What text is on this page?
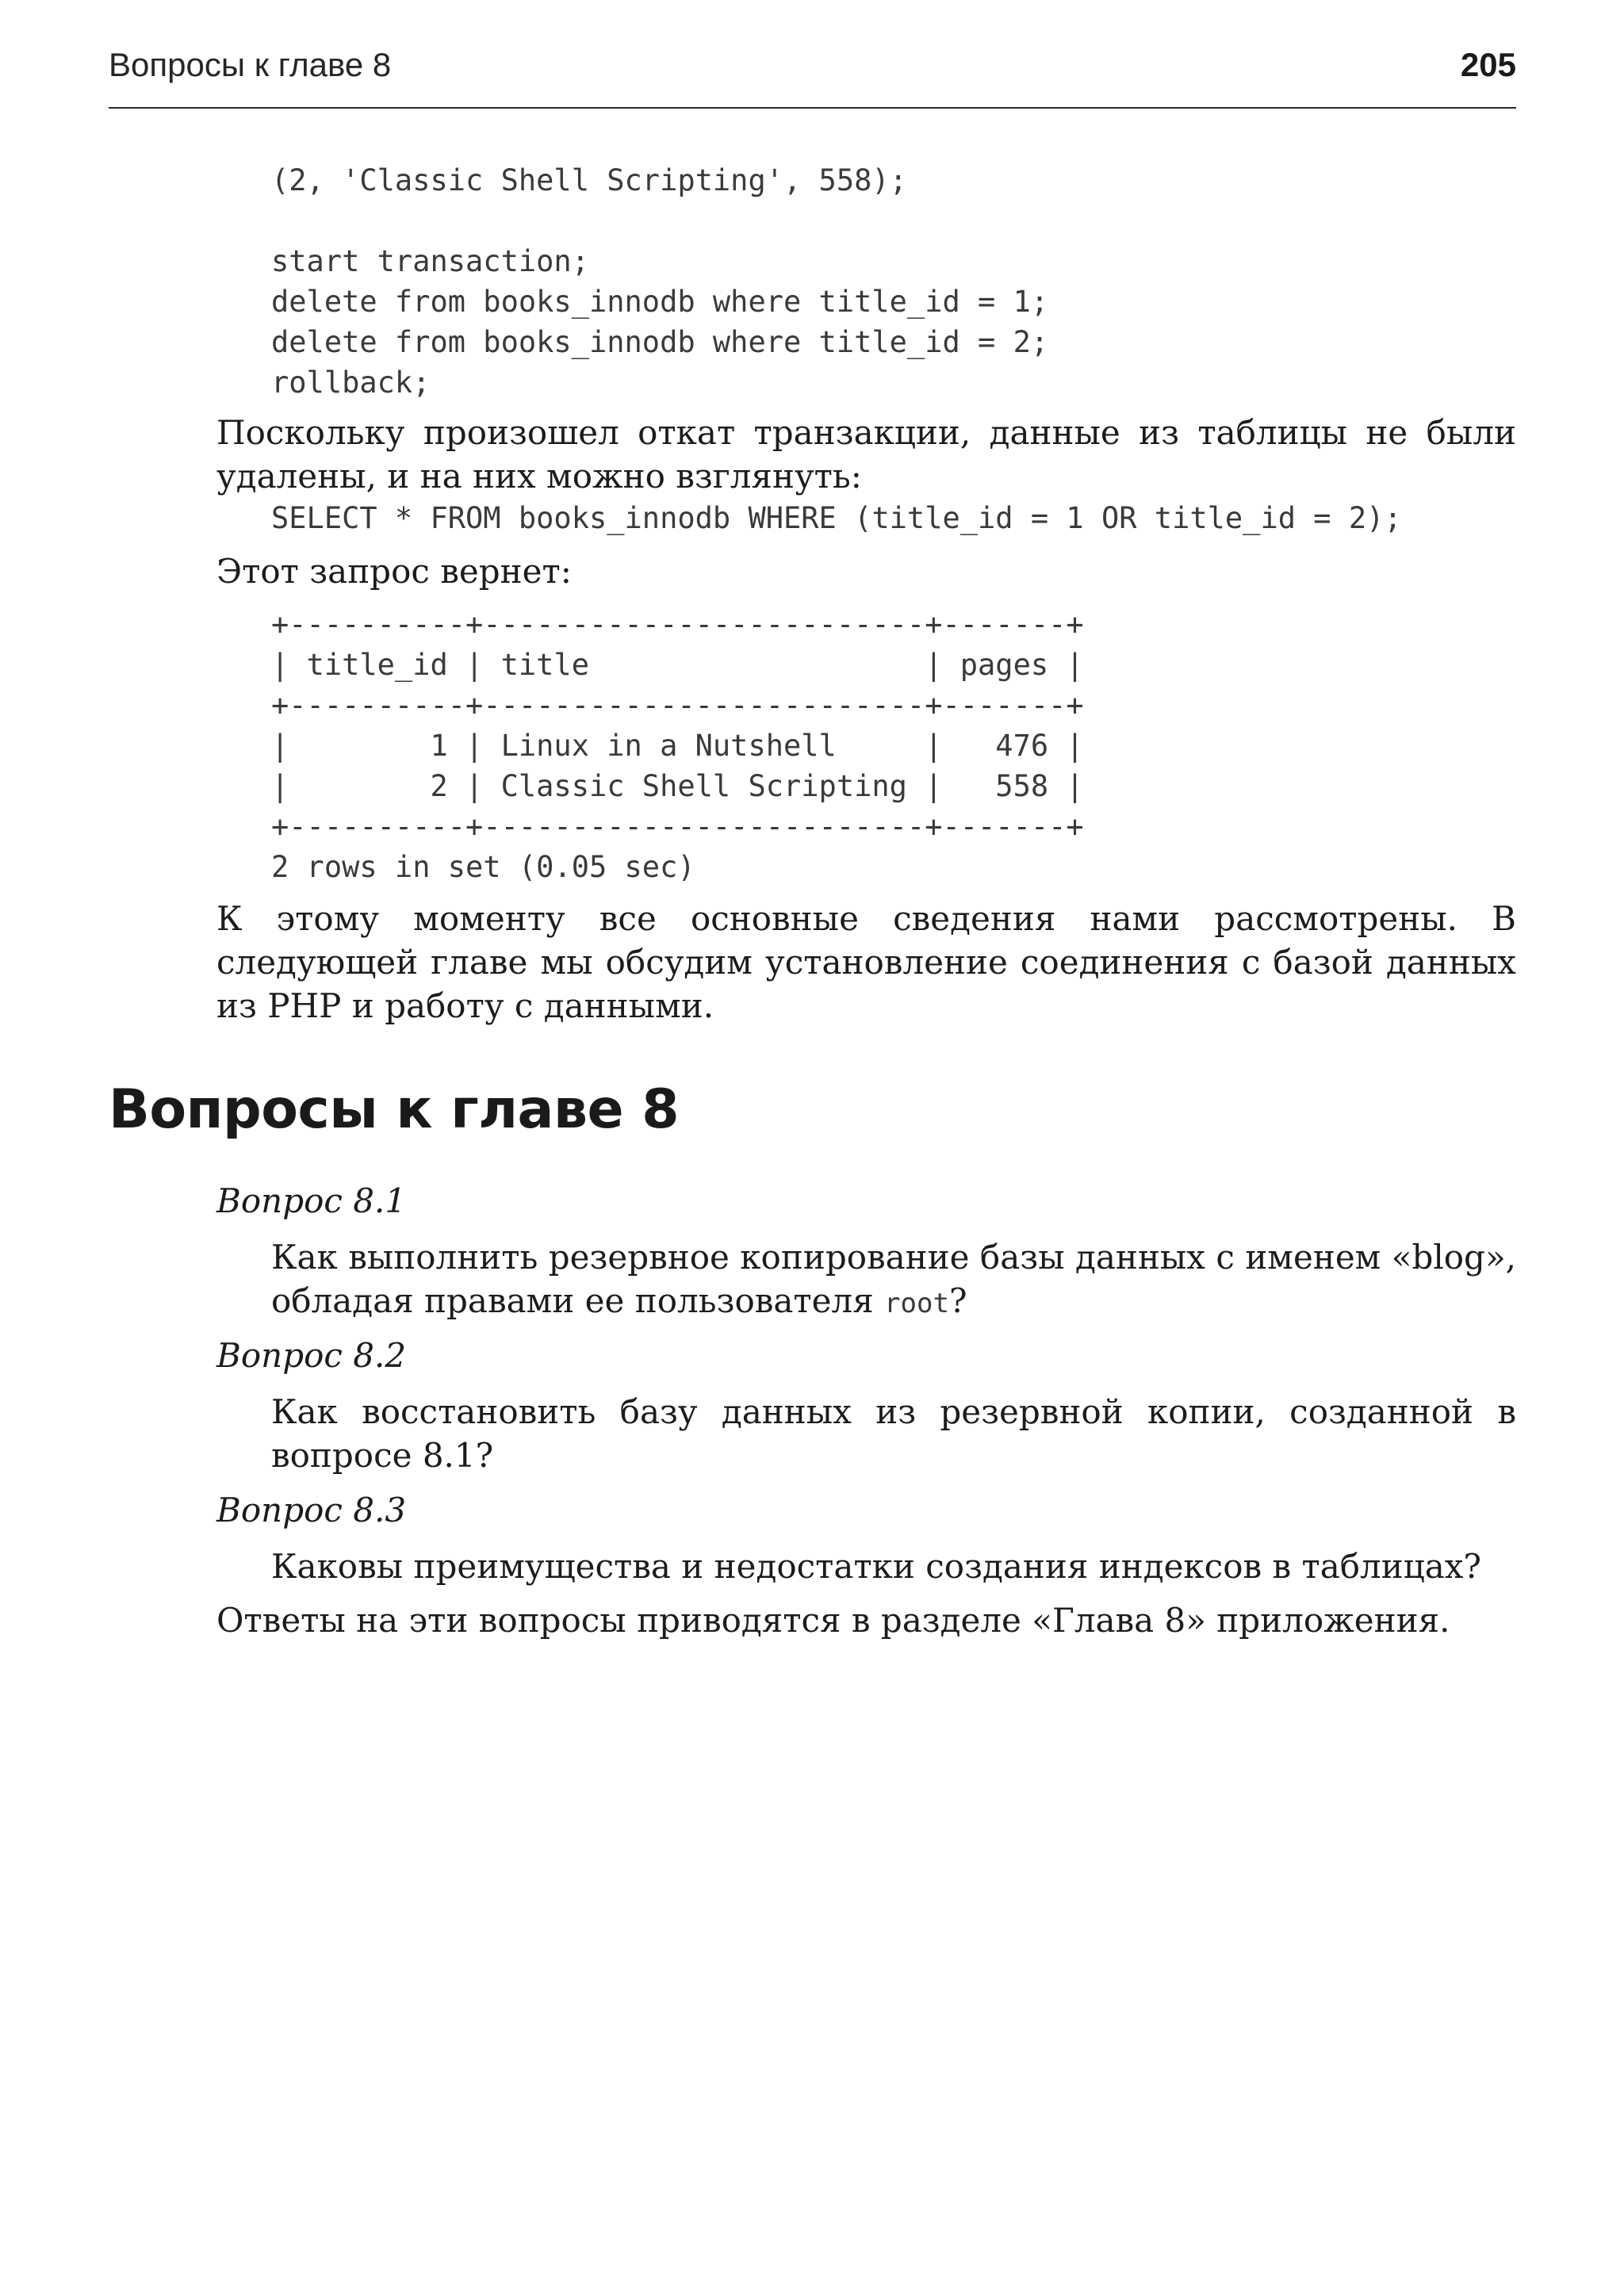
Вопросы к главе 8	205
(2, 'Classic Shell Scripting', 558);
start transaction;
delete from books_innodb where title_id = 1;
delete from books_innodb where title_id = 2;
rollback;

Поскольку произошел откат транзакции, данные из таблицы не были удалены, и на них можно взглянуть:

SELECT * FROM books_innodb WHERE (title_id = 1 OR title_id = 2);

Этот запрос вернет:

+----------+-------------------------+-------+
| title_id | title                   | pages |
+----------+-------------------------+-------+
|        1 | Linux in a Nutshell     |   476 |
|        2 | Classic Shell Scripting |   558 |
+----------+-------------------------+-------+
2 rows in set (0.05 sec)

К этому моменту все основные сведения нами рассмотрены. В следующей главе мы обсудим установление соединения с базой данных из PHP и работу с данными.

Вопросы к главе 8

Вопрос 8.1

Как выполнить резервное копирование базы данных с именем «blog», обладая правами ее пользователя root?

Вопрос 8.2

Как восстановить базу данных из резервной копии, созданной в вопросе 8.1?

Вопрос 8.3

Каковы преимущества и недостатки создания индексов в таблицах?

Ответы на эти вопросы приводятся в разделе «Глава 8» приложения.
